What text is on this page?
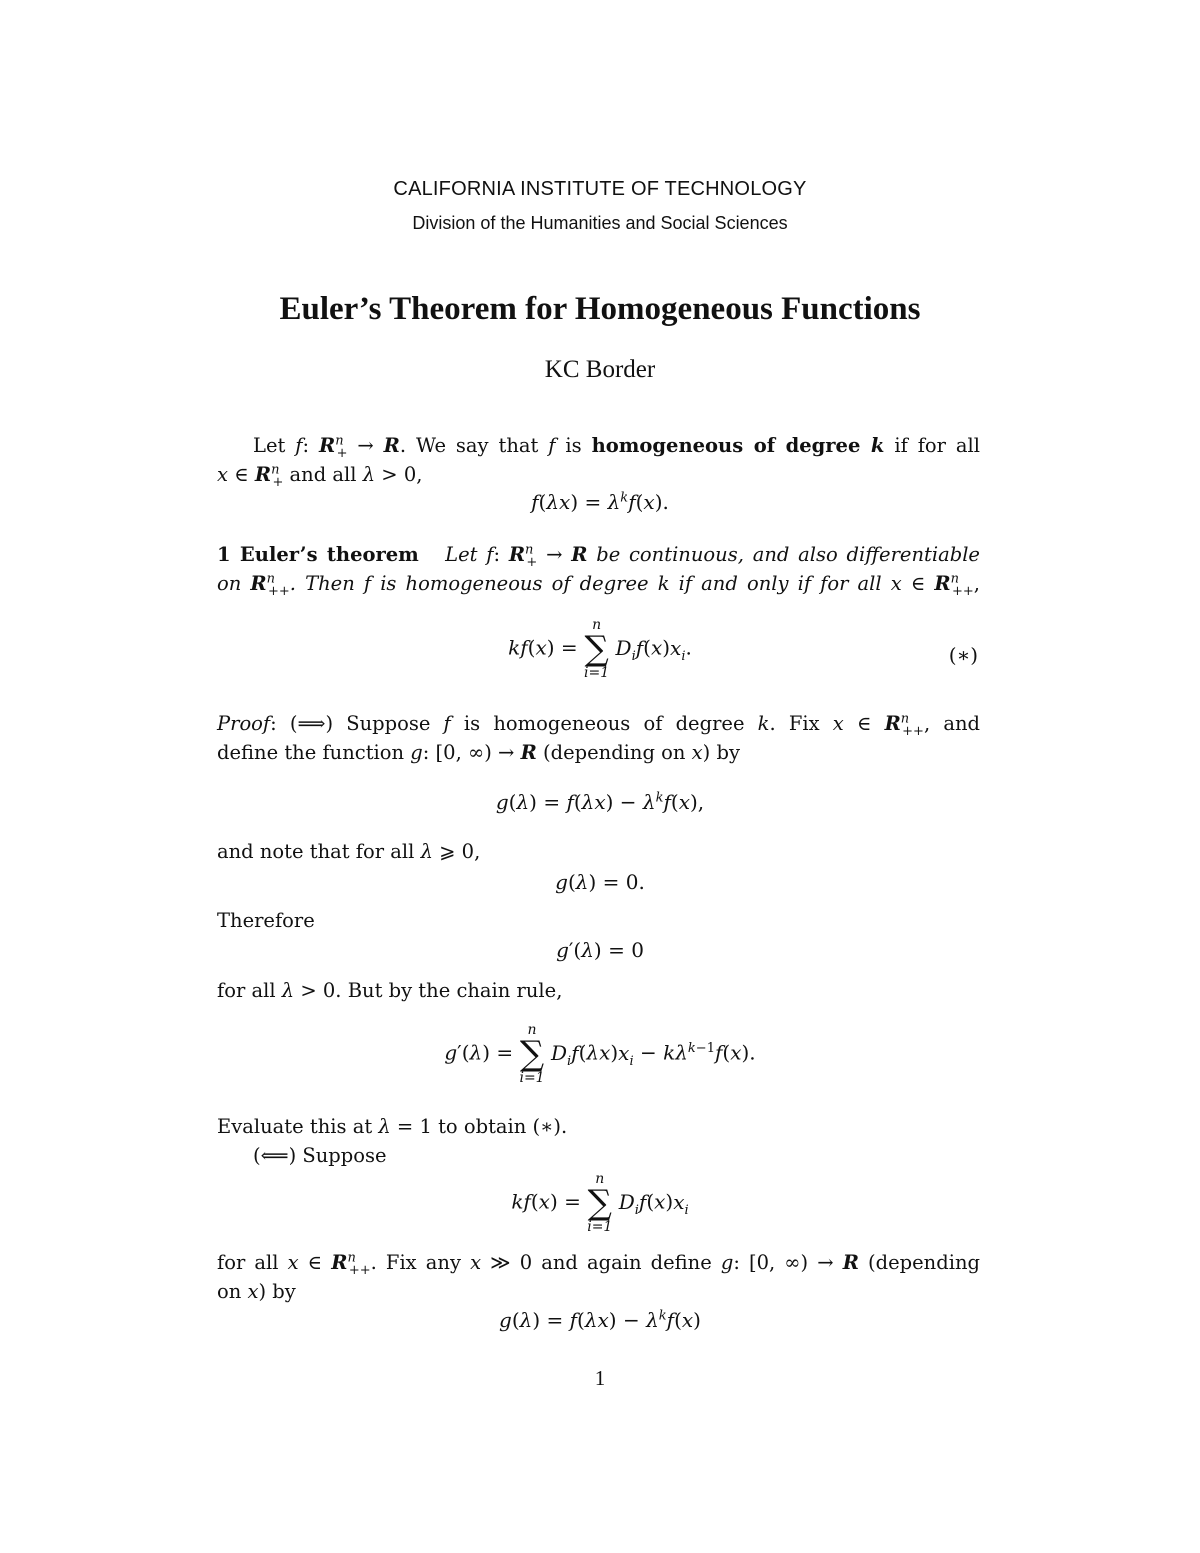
CALIFORNIA INSTITUTE OF TECHNOLOGY
Division of the Humanities and Social Sciences
Euler’s Theorem for Homogeneous Functions
KC Border
Let f: $R^n_+ \to R$. We say that f is homogeneous of degree k if for all
x ∈ $R^n_+$ and all λ > 0,
$f(\lambda x) = \lambda^kf(x)$.
1 Euler’s theorem Let f: $R^n_+ \to R$ be continuous, and also differentiable
on $R^n_{++}$. Then f is homogeneous of degree k if and only if for all x ∈ $R^n_{++}$,
kf(x) =
n
∑
i=1
$D_if(x)x_i$.	(∗)
Proof: (⟹) Suppose f is homogeneous of degree k. Fix x ∈ $R^n_{++}$, and
define the function g: [0, ∞) → R (depending on x) by
$g(\lambda) = f(\lambda x) - \lambda^kf(x)$,
and note that for all λ ⩾ 0,
g(λ) = 0.
Therefore
g′(λ) = 0
for all λ > 0. But by the chain rule,
g′(λ) =
n
∑
i=1
$D_if(\lambda x)x_i - k\lambda^{k-1}f(x)$.
Evaluate this at λ = 1 to obtain (∗).
(⟸) Suppose
kf(x) =
n
∑
i=1
$D_if(x)x_i$
for all x ∈ $R^n_{++}$. Fix any x ≫ 0 and again define g: [0, ∞) → R (depending
on x) by
$g(\lambda) = f(\lambda x) - \lambda^kf(x)$
1
